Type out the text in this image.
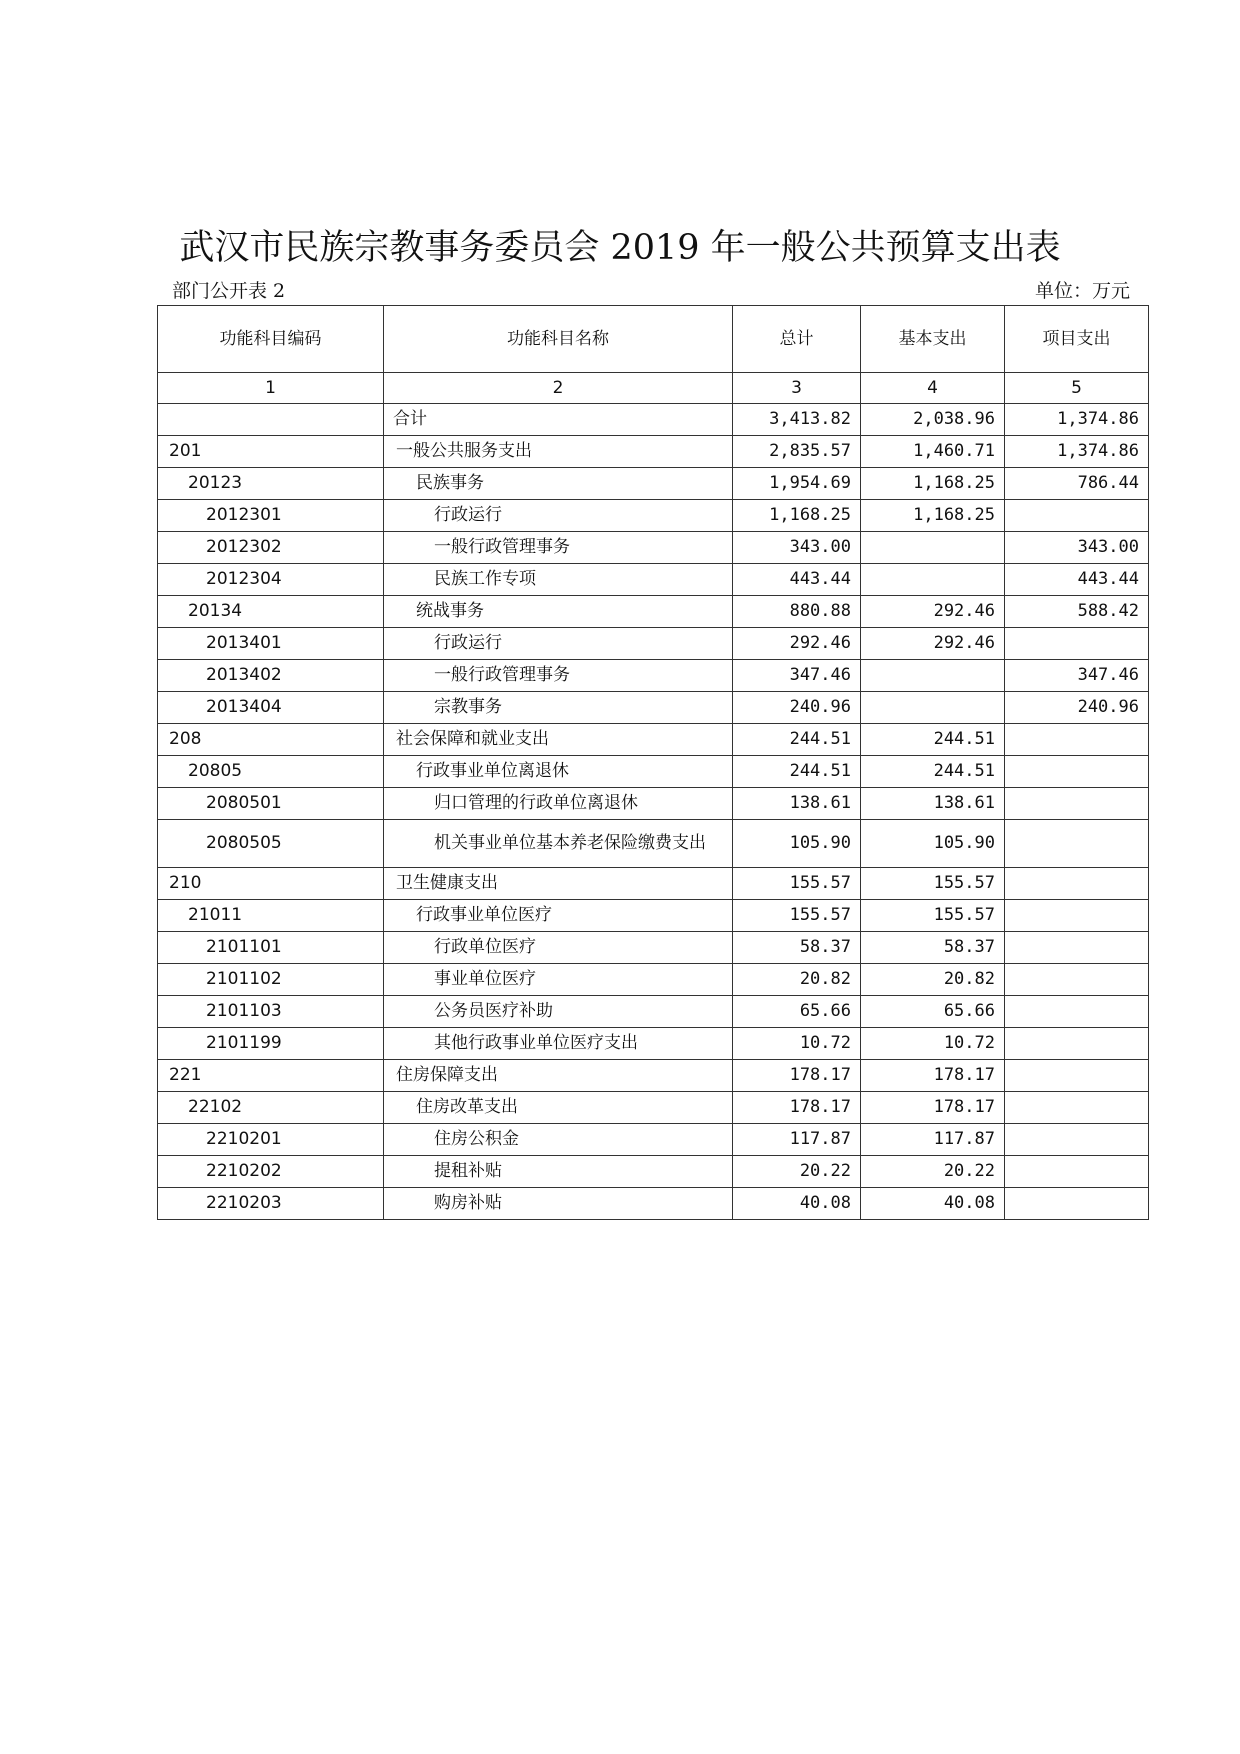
武汉市民族宗教事务委员会 2019 年一般公共预算支出表
部门公开表 2	单位：万元
功能科目编码	功能科目名称	总计	基本支出	项目支出
1	2	3	4	5
	合计	3,413.82	2,038.96	1,374.86
201	一般公共服务支出	2,835.57	1,460.71	1,374.86
20123	民族事务	1,954.69	1,168.25	786.44
2012301	行政运行	1,168.25	1,168.25	
2012302	一般行政管理事务	343.00		343.00
2012304	民族工作专项	443.44		443.44
20134	统战事务	880.88	292.46	588.42
2013401	行政运行	292.46	292.46	
2013402	一般行政管理事务	347.46		347.46
2013404	宗教事务	240.96		240.96
208	社会保障和就业支出	244.51	244.51	
20805	行政事业单位离退休	244.51	244.51	
2080501	归口管理的行政单位离退休	138.61	138.61	
2080505	机关事业单位基本养老保险缴费支出	105.90	105.90	
210	卫生健康支出	155.57	155.57	
21011	行政事业单位医疗	155.57	155.57	
2101101	行政单位医疗	58.37	58.37	
2101102	事业单位医疗	20.82	20.82	
2101103	公务员医疗补助	65.66	65.66	
2101199	其他行政事业单位医疗支出	10.72	10.72	
221	住房保障支出	178.17	178.17	
22102	住房改革支出	178.17	178.17	
2210201	住房公积金	117.87	117.87	
2210202	提租补贴	20.22	20.22	
2210203	购房补贴	40.08	40.08	
